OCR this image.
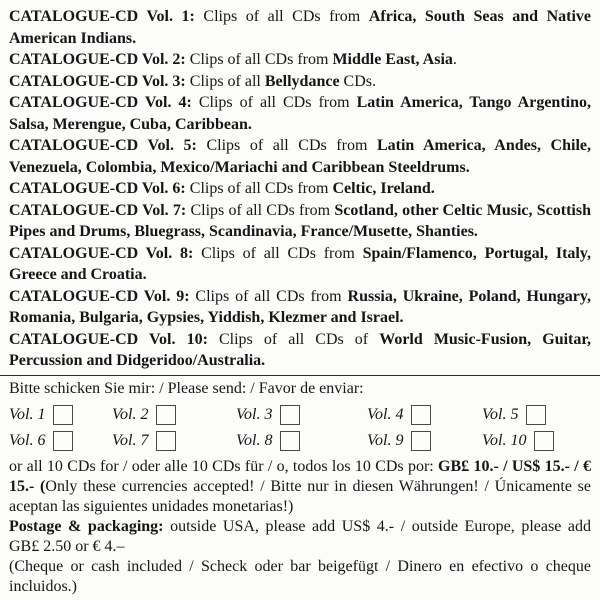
CATALOGUE-CD Vol. 1: Clips of all CDs from Africa, South Seas and Native American Indians.

CATALOGUE-CD Vol. 2: Clips of all CDs from Middle East, Asia.

CATALOGUE-CD Vol. 3: Clips of all Bellydance CDs.

CATALOGUE-CD Vol. 4: Clips of all CDs from Latin America, Tango Argentino, Salsa, Merengue, Cuba, Caribbean.

CATALOGUE-CD Vol. 5: Clips of all CDs from Latin America, Andes, Chile, Venezuela, Colombia, Mexico/Mariachi and Caribbean Steeldrums.

CATALOGUE-CD Vol. 6: Clips of all CDs from Celtic, Ireland.

CATALOGUE-CD Vol. 7: Clips of all CDs from Scotland, other Celtic Music, Scottish Pipes and Drums, Bluegrass, Scandinavia, France/Musette, Shanties.

CATALOGUE-CD Vol. 8: Clips of all CDs from Spain/Flamenco, Portugal, Italy, Greece and Croatia.

CATALOGUE-CD Vol. 9: Clips of all CDs from Russia, Ukraine, Poland, Hungary, Romania, Bulgaria, Gypsies, Yiddish, Klezmer and Israel.

CATALOGUE-CD Vol. 10: Clips of all CDs of World Music-Fusion, Guitar, Percussion and Didgeridoo/Australia.

Bitte schicken Sie mir: / Please send: / Favor de enviar:

Vol. 1	Vol. 2	Vol. 3	Vol. 4	Vol. 5
Vol. 6	Vol. 7	Vol. 8	Vol. 9	Vol. 10

or all 10 CDs for / oder alle 10 CDs für / o, todos los 10 CDs por: GB£ 10.- / US$ 15.- / € 15.- (Only these currencies accepted! / Bitte nur in diesen Währungen! / Únicamente se aceptan las siguientes unidades monetarias!)

Postage & packaging: outside USA, please add US$ 4.- / outside Europe, please add GB£ 2.50 or € 4.–

(Cheque or cash included / Scheck oder bar beigefügt / Dinero en efectivo o cheque incluidos.)
